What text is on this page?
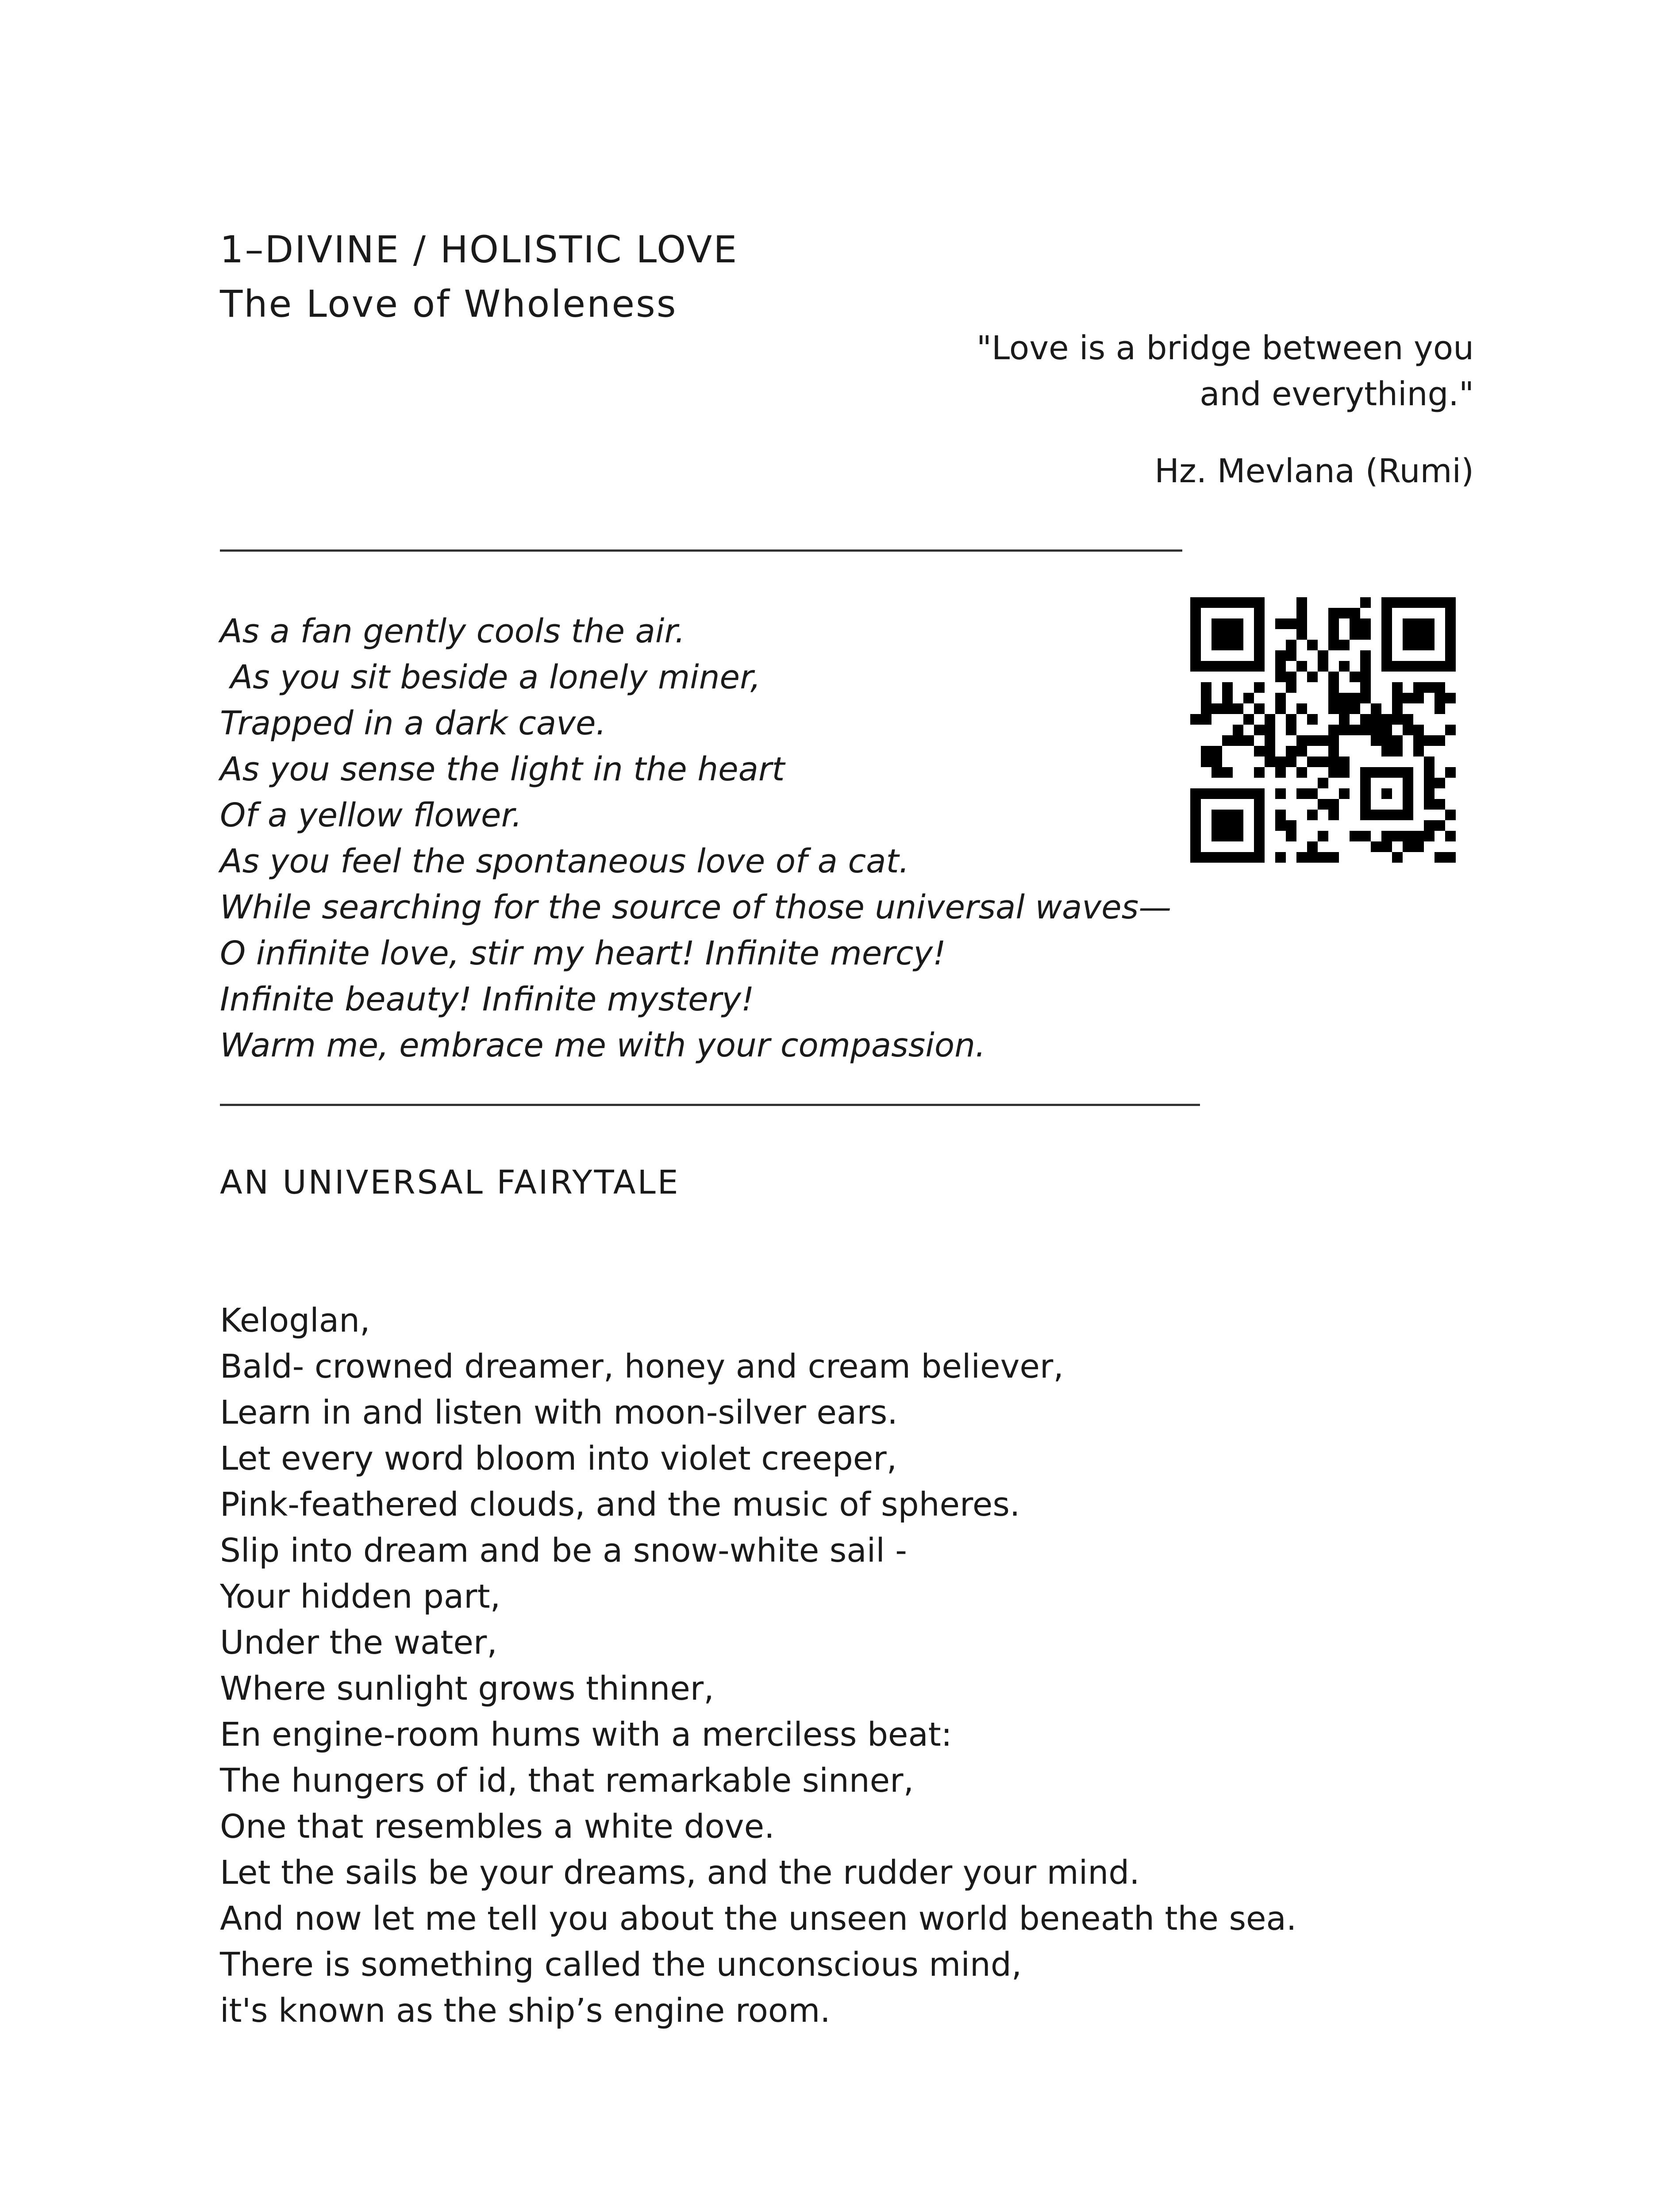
1–DIVINE / HOLISTIC LOVE
The Love of Wholeness
"Love is a bridge between you
and everything."
Hz. Mevlana (Rumi)
As a fan gently cools the air.
As you sit beside a lonely miner,
Trapped in a dark cave.
As you sense the light in the heart
Of a yellow flower.
As you feel the spontaneous love of a cat.
While searching for the source of those universal waves—
O infinite love, stir my heart! Infinite mercy!
Infinite beauty! Infinite mystery!
Warm me, embrace me with your compassion.
AN UNIVERSAL FAIRYTALE
Keloglan,
Bald- crowned dreamer, honey and cream believer,
Learn in and listen with moon-silver ears.
Let every word bloom into violet creeper,
Pink-feathered clouds, and the music of spheres.
Slip into dream and be a snow-white sail -
Your hidden part,
Under the water,
Where sunlight grows thinner,
En engine-room hums with a merciless beat:
The hungers of id, that remarkable sinner,
One that resembles a white dove.
Let the sails be your dreams, and the rudder your mind.
And now let me tell you about the unseen world beneath the sea.
There is something called the unconscious mind,
it's known as the ship’s engine room.
